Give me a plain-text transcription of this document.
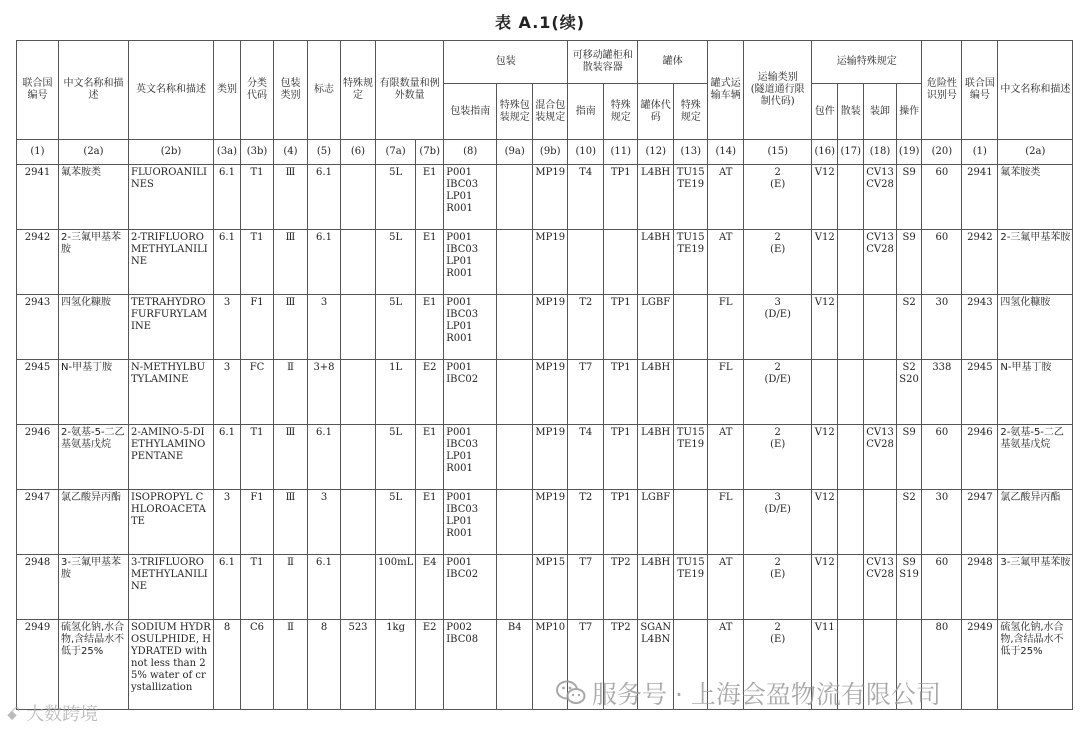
表 A.1(续)
联合国编号	中文名称和描述	英文名称和描述	类别	分类代码	包装类别	标志	特殊规定	有限数量和例外数量		包装			可移动罐柜和散装容器		罐体		罐式运输车辆	运输类别
(隧道通行限制代码)	运输特殊规定				危险性识别号	联合国编号	中文名称和描述
										包装指南	特殊包装规定	混合包装规定	指南	特殊规定	罐体代码	特殊规定			包件	散装	装卸	操作			
(1)	(2a)	(2b)	(3a)	(3b)	(4)	(5)	(6)	(7a)	(7b)	(8)	(9a)	(9b)	(10)	(11)	(12)	(13)	(14)	(15)	(16)	(17)	(18)	(19)	(20)	(1)	(2a)
2941	氟苯胺类	FLUOROANILINES	6.1	T1	Ⅲ	6.1		5L	E1	P001
IBC03
LP01
R001		MP19	T4	TP1	L4BH	TU15
TE19	AT	2
(E)	V12		CV13
CV28	S9	60	2941	氟苯胺类
2942	2-三氟甲基苯胺	2-TRIFLUOROMETHYLANILINE	6.1	T1	Ⅲ	6.1		5L	E1	P001
IBC03
LP01
R001		MP19			L4BH	TU15
TE19	AT	2
(E)	V12		CV13
CV28	S9	60	2942	2-三氟甲基苯胺
2943	四氢化糠胺	TETRAHYDROFURFURYLAMINE	3	F1	Ⅲ	3		5L	E1	P001
IBC03
LP01
R001		MP19	T2	TP1	LGBF		FL	3
(D/E)	V12			S2	30	2943	四氢化糠胺
2945	N-甲基丁胺	N-METHYLBUTYLAMINE	3	FC	Ⅱ	3+8		1L	E2	P001
IBC02		MP19	T7	TP1	L4BH		FL	2
(D/E)				S2
S20	338	2945	N-甲基丁胺
2946	2-氨基-5-二乙基氨基戊烷	2-AMINO-5-DIETHYLAMINOPENTANE	6.1	T1	Ⅲ	6.1		5L	E1	P001
IBC03
LP01
R001		MP19	T4	TP1	L4BH	TU15
TE19	AT	2
(E)	V12		CV13
CV28	S9	60	2946	2-氨基-5-二乙基氨基戊烷
2947	氯乙酸异丙酯	ISOPROPYL CHLOROACETATE	3	F1	Ⅲ	3		5L	E1	P001
IBC03
LP01
R001		MP19	T2	TP1	LGBF		FL	3
(D/E)	V12			S2	30	2947	氯乙酸异丙酯
2948	3-三氟甲基苯胺	3-TRIFLUOROMETHYLANILINE	6.1	T1	Ⅱ	6.1		100mL	E4	P001
IBC02		MP15	T7	TP2	L4BH	TU15
TE19	AT	2
(E)	V12		CV13
CV28	S9
S19	60	2948	3-三氟甲基苯胺
2949	硫氢化钠,水合物,含结晶水不低于25%	SODIUM HYDROSULPHIDE, HYDRATED with not less than 25% water of crystallization	8	C6	Ⅱ	8	523	1kg	E2	P002
IBC08	B4	MP10	T7	TP2	SGAN
L4BN		AT	2
(E)	V11				80	2949	硫氢化钠,水合物,含结晶水不低于25%
服务号 · 上海会盈物流有限公司
ꗃ 大数跨境
